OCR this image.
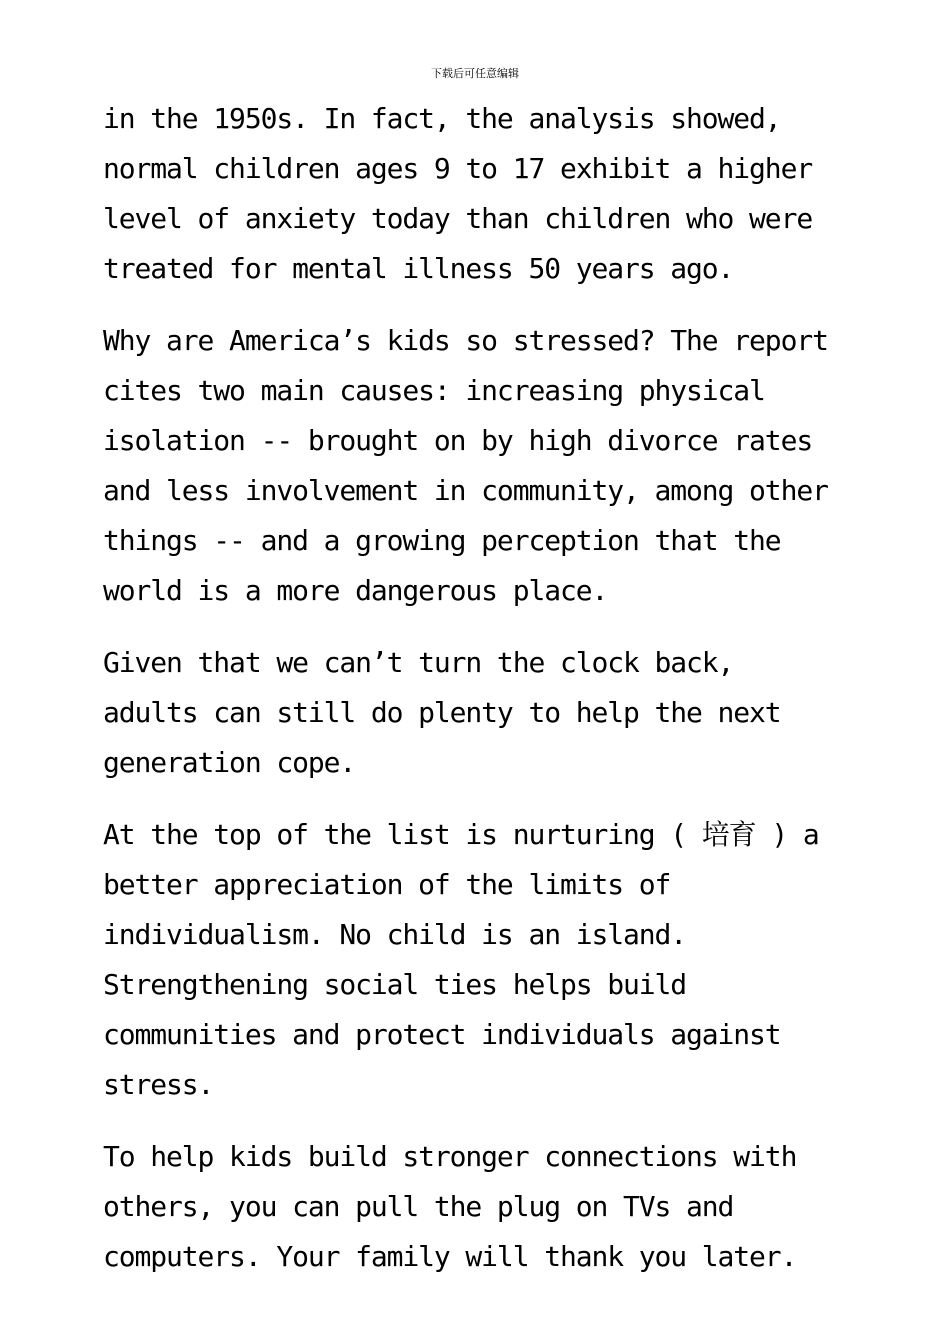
下载后可任意编辑

in the 1950s. In fact, the analysis showed,
normal children ages 9 to 17 exhibit a higher
level of anxiety today than children who were
treated for mental illness 50 years ago.

Why are America’s kids so stressed? The report
cites two main causes: increasing physical
isolation -- brought on by high divorce rates
and less involvement in community, among other
things -- and a growing perception that the
world is a more dangerous place.

Given that we can’t turn the clock back,
adults can still do plenty to help the next
generation cope.

At the top of the list is nurturing ( 培育 ) a
better appreciation of the limits of
individualism. No child is an island.
Strengthening social ties helps build
communities and protect individuals against
stress.

To help kids build stronger connections with
others, you can pull the plug on TVs and
computers. Your family will thank you later.
